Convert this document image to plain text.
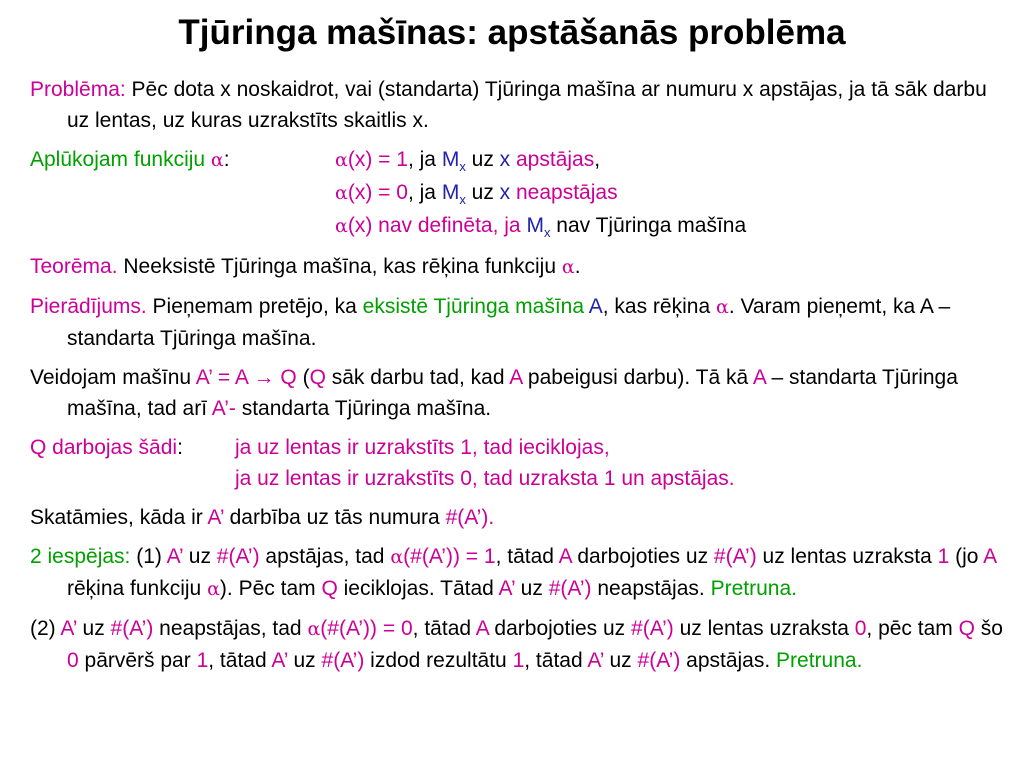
Tjūringa mašīnas: apstāšanās problēma
Problēma: Pēc dota x noskaidrot, vai (standarta) Tjūringa mašīna ar numuru x apstājas, ja tā sāk darbu uz lentas, uz kuras uzrakstīts skaitlis x.
Aplūkojam funkciju α:	α(x) = 1, ja $M_x$ uz x apstājas,
α(x) = 0, ja $M_x$ uz x neapstājas
α(x) nav definēta, ja $M_x$ nav Tjūringa mašīna
Teorēma. Neeksistē Tjūringa mašīna, kas rēķina funkciju α.
Pierādījums. Pieņemam pretējo, ka eksistē Tjūringa mašīna A, kas rēķina α. Varam pieņemt, ka A – standarta Tjūringa mašīna.
Veidojam mašīnu A’ = A → Q (Q sāk darbu tad, kad A pabeigusi darbu). Tā kā A – standarta Tjūringa mašīna, tad arī A’- standarta Tjūringa mašīna.
Q darbojas šādi:	ja uz lentas ir uzrakstīts 1, tad ieciklojas,
ja uz lentas ir uzrakstīts 0, tad uzraksta 1 un apstājas.
Skatāmies, kāda ir A’ darbība uz tās numura #(A’).
2 iespējas: (1) A’ uz #(A’) apstājas, tad α(#(A’)) = 1, tātad A darbojoties uz #(A’) uz lentas uzraksta 1 (jo A rēķina funkciju α). Pēc tam Q ieciklojas. Tātad A’ uz #(A’) neapstājas. Pretruna.
(2) A’ uz #(A’) neapstājas, tad α(#(A’)) = 0, tātad A darbojoties uz #(A’) uz lentas uzraksta 0, pēc tam Q šo 0 pārvērš par 1, tātad A’ uz #(A’) izdod rezultātu 1, tātad A’ uz #(A’) apstājas. Pretruna.
